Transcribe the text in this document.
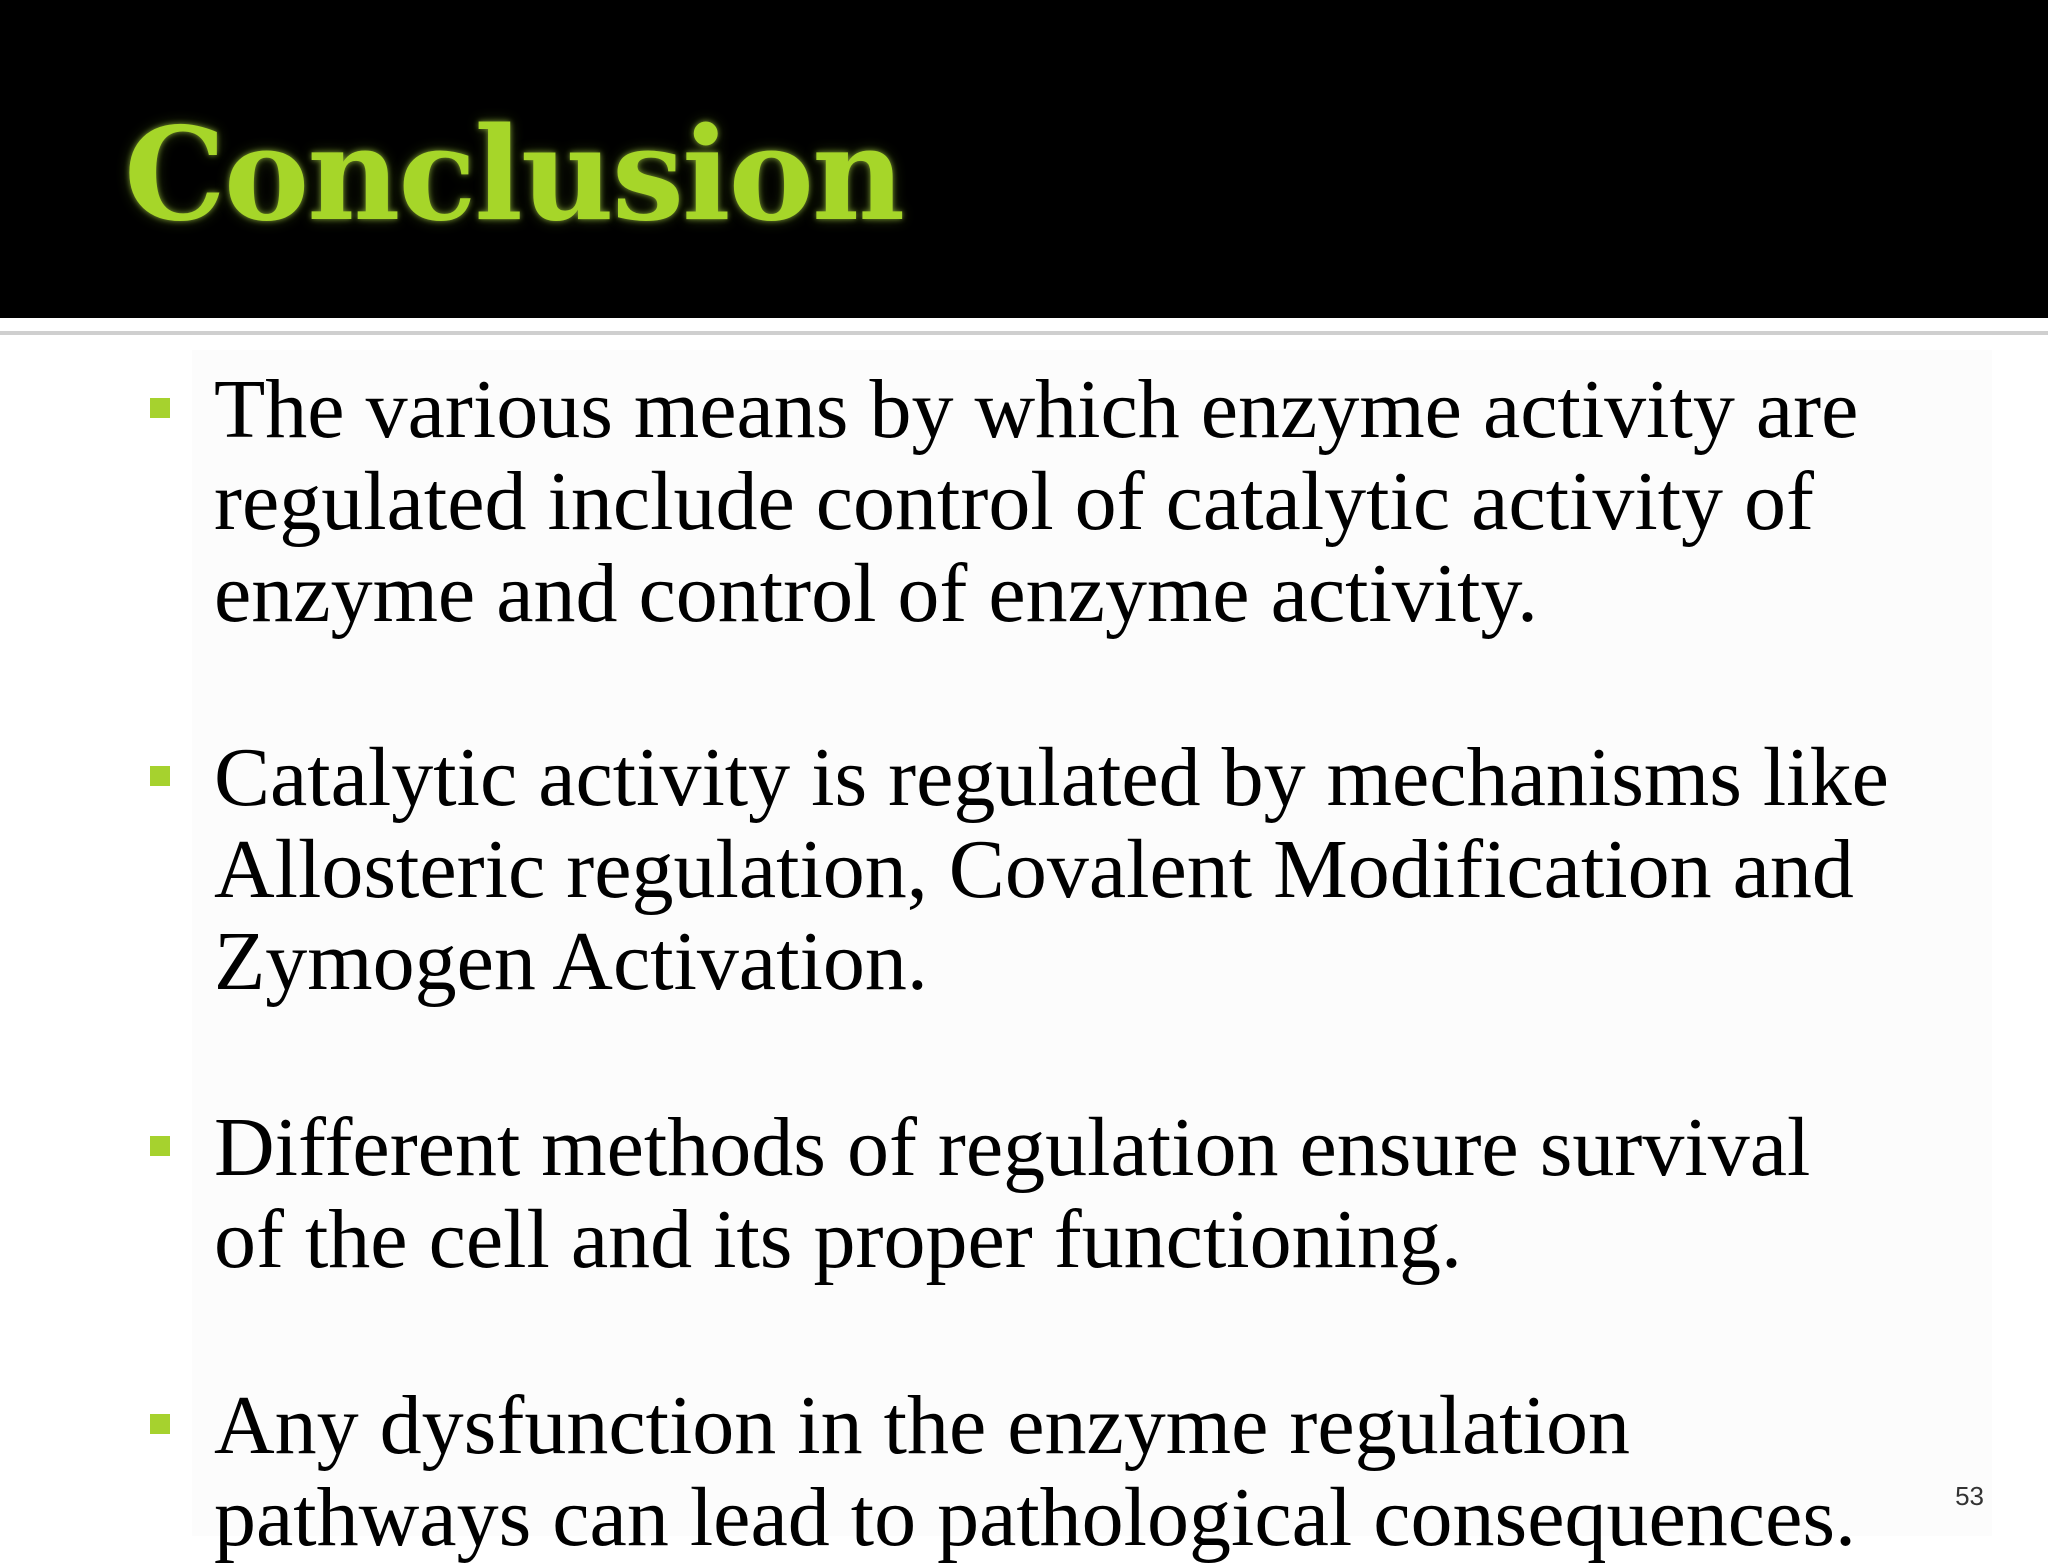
Conclusion
The various means by which enzyme activity are
regulated include control of catalytic activity of
enzyme and control of enzyme activity.
Catalytic activity is regulated by mechanisms like
Allosteric regulation, Covalent Modification and
Zymogen Activation.
Different methods of regulation ensure survival
of the cell and its proper functioning.
Any dysfunction in the enzyme regulation
pathways can lead to pathological consequences.	53
